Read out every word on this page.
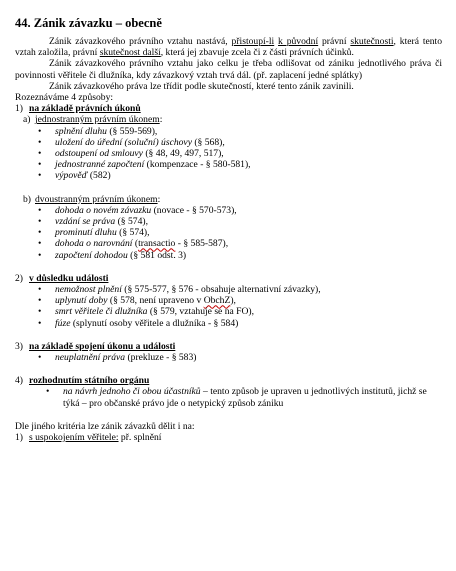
44. Zánik závazku – obecně

Zánik závazkového právního vztahu nastává, přistoupí-li k původní právní skutečnosti, která tento vztah založila, právní skutečnost další, která jej zbavuje zcela či z části právních účinků.

Zánik závazkového právního vztahu jako celku je třeba odlišovat od zániku jednotlivého práva či povinnosti věřitele či dlužníka, kdy závazkový vztah trvá dál. (př. zaplacení jedné splátky)

Zánik závazkového práva lze třídit podle skutečností, které tento zánik zavinili.

Rozeznáváme 4 způsoby:

1) na základě právních úkonů
a) jednostranným právním úkonem:
• splnění dluhu (§ 559-569),
• uložení do úřední (soluční) úschovy (§ 568),
• odstoupení od smlouvy (§ 48, 49, 497, 517),
• jednostranné započtení (kompenzace - § 580-581),
• výpověď (582)
b) dvoustranným právním úkonem:
• dohoda o novém závazku (novace - § 570-573),
• vzdání se práva (§ 574),
• prominutí dluhu (§ 574),
• dohoda o narovnání (transactio - § 585-587),
• započtení dohodou (§ 581 odst. 3)
2) v důsledku události
• nemožnost plnění (§ 575-577, § 576 - obsahuje alternativní závazky),
• uplynutí doby (§ 578, není upraveno v ObchZ),
• smrt věřitele či dlužníka (§ 579, vztahuje se na FO),
• fúze (splynutí osoby věřitele a dlužníka - § 584)
3) na základě spojení úkonu a události
• neuplatnění práva (prekluze - § 583)
4) rozhodnutím státního orgánu
• na návrh jednoho či obou účastníků – tento způsob je upraven u jednotlivých institutů, jichž se týká – pro občanské právo jde o netypický způsob zániku

Dle jiného kritéria lze zánik závazků dělit i na:

1) s uspokojením věřitele: př. splnění
